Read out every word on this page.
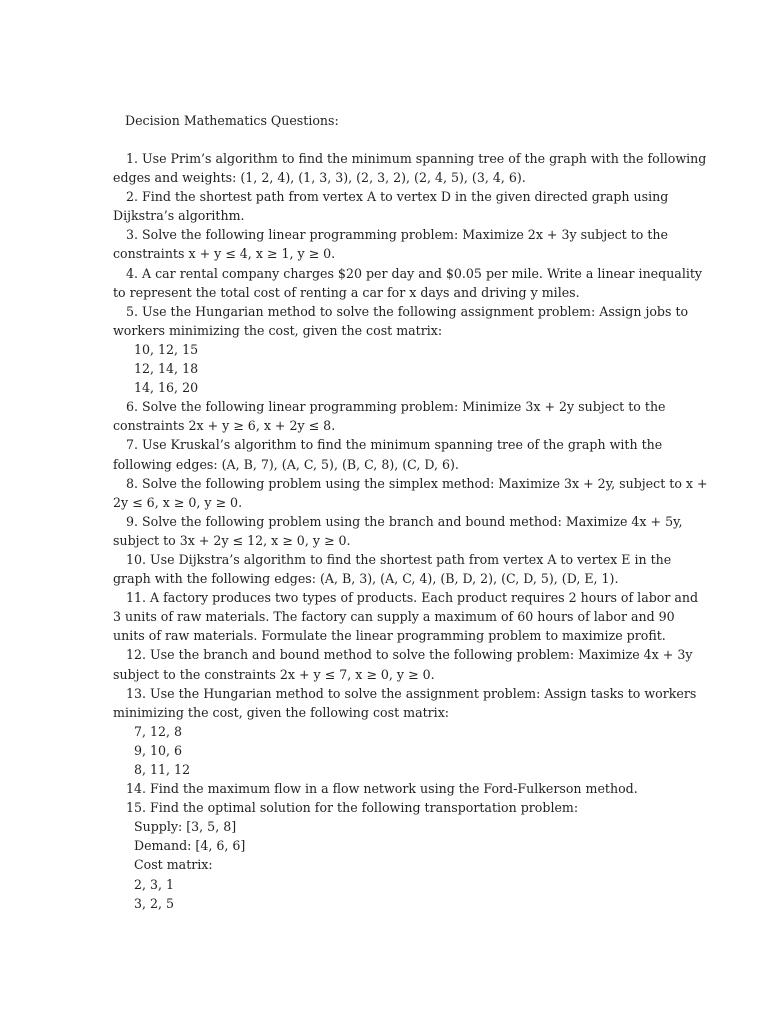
Decision Mathematics Questions:
1. Use Prim’s algorithm to find the minimum spanning tree of the graph with the following
edges and weights: (1, 2, 4), (1, 3, 3), (2, 3, 2), (2, 4, 5), (3, 4, 6).
2. Find the shortest path from vertex A to vertex D in the given directed graph using
Dijkstra’s algorithm.
3. Solve the following linear programming problem: Maximize 2x + 3y subject to the
constraints x + y ≤ 4, x ≥ 1, y ≥ 0.
4. A car rental company charges $20 per day and $0.05 per mile. Write a linear inequality
to represent the total cost of renting a car for x days and driving y miles.
5. Use the Hungarian method to solve the following assignment problem: Assign jobs to
workers minimizing the cost, given the cost matrix:
10, 12, 15
12, 14, 18
14, 16, 20
6. Solve the following linear programming problem: Minimize 3x + 2y subject to the
constraints 2x + y ≥ 6, x + 2y ≤ 8.
7. Use Kruskal’s algorithm to find the minimum spanning tree of the graph with the
following edges: (A, B, 7), (A, C, 5), (B, C, 8), (C, D, 6).
8. Solve the following problem using the simplex method: Maximize 3x + 2y, subject to x +
2y ≤ 6, x ≥ 0, y ≥ 0.
9. Solve the following problem using the branch and bound method: Maximize 4x + 5y,
subject to 3x + 2y ≤ 12, x ≥ 0, y ≥ 0.
10. Use Dijkstra’s algorithm to find the shortest path from vertex A to vertex E in the
graph with the following edges: (A, B, 3), (A, C, 4), (B, D, 2), (C, D, 5), (D, E, 1).
11. A factory produces two types of products. Each product requires 2 hours of labor and
3 units of raw materials. The factory can supply a maximum of 60 hours of labor and 90
units of raw materials. Formulate the linear programming problem to maximize profit.
12. Use the branch and bound method to solve the following problem: Maximize 4x + 3y
subject to the constraints 2x + y ≤ 7, x ≥ 0, y ≥ 0.
13. Use the Hungarian method to solve the assignment problem: Assign tasks to workers
minimizing the cost, given the following cost matrix:
7, 12, 8
9, 10, 6
8, 11, 12
14. Find the maximum flow in a flow network using the Ford-Fulkerson method.
15. Find the optimal solution for the following transportation problem:
Supply: [3, 5, 8]
Demand: [4, 6, 6]
Cost matrix:
2, 3, 1
3, 2, 5
